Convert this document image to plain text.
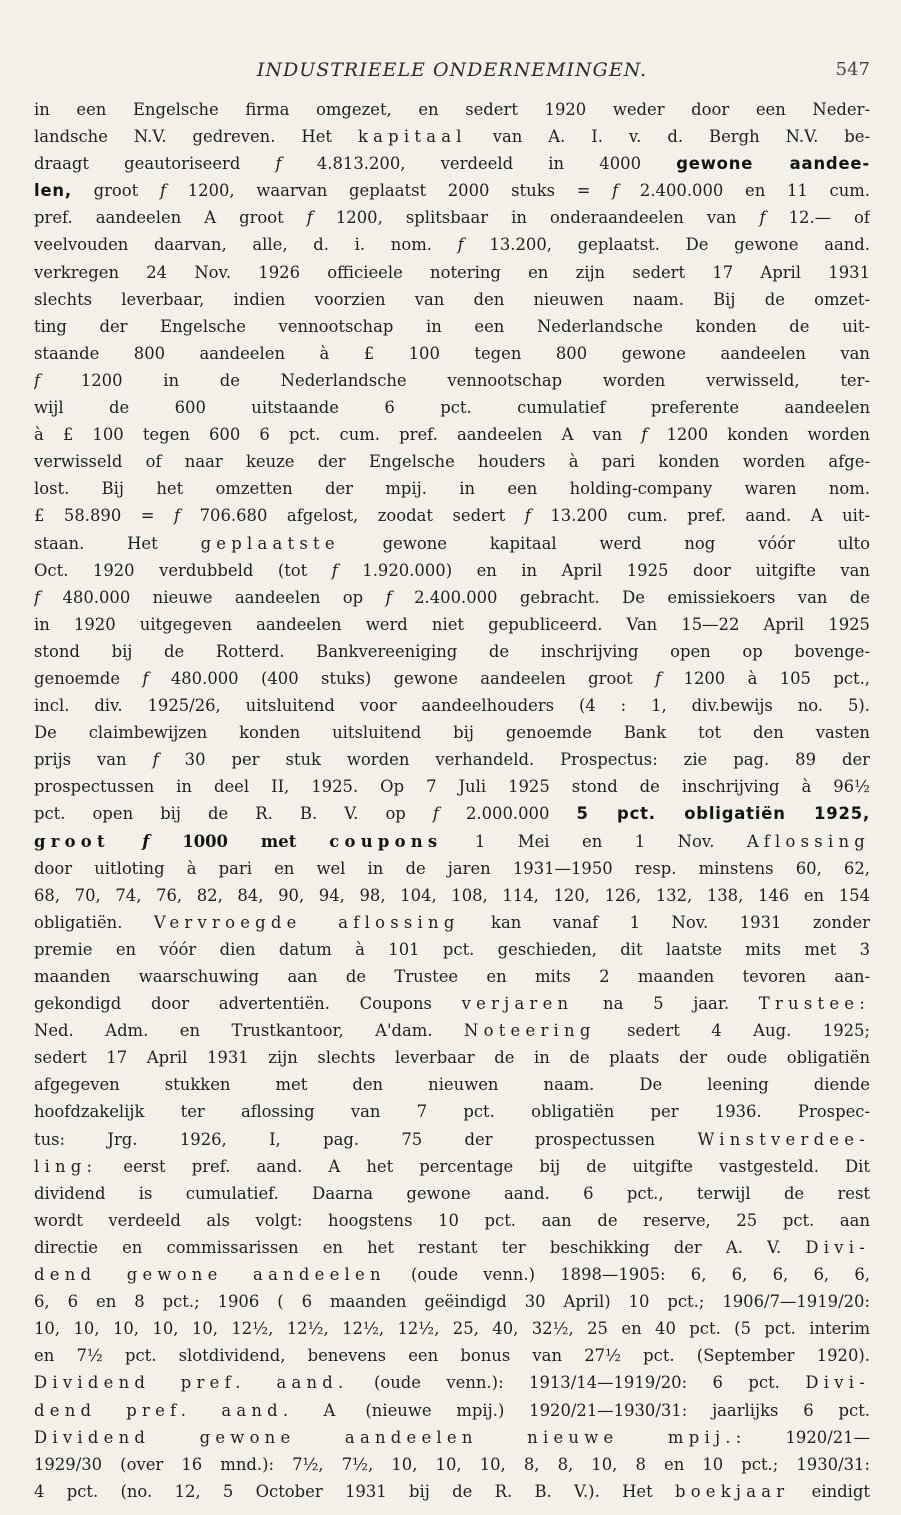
INDUSTRIEELE ONDERNEMINGEN.	547
in een Engelsche firma omgezet, en sedert 1920 weder door een Neder-
landsche N.V. gedreven. Het kapitaal van A. I. v. d. Bergh N.V. be-
draagt geautoriseerd f 4.813.200, verdeeld in 4000 gewone aandee-
len, groot f 1200, waarvan geplaatst 2000 stuks = f 2.400.000 en 11 cum.
pref. aandeelen A groot f 1200, splitsbaar in onderaandeelen van f 12.— of
veelvouden daarvan, alle, d. i. nom. f 13.200, geplaatst. De gewone aand.
verkregen 24 Nov. 1926 officieele notering en zijn sedert 17 April 1931
slechts leverbaar, indien voorzien van den nieuwen naam. Bij de omzet-
ting der Engelsche vennootschap in een Nederlandsche konden de uit-
staande 800 aandeelen à £ 100 tegen 800 gewone aandeelen van
f 1200 in de Nederlandsche vennootschap worden verwisseld, ter-
wijl de 600 uitstaande 6 pct. cumulatief preferente aandeelen
à £ 100 tegen 600 6 pct. cum. pref. aandeelen A van f 1200 konden worden
verwisseld of naar keuze der Engelsche houders à pari konden worden afge-
lost. Bij het omzetten der mpij. in een holding-company waren nom.
£ 58.890 = f 706.680 afgelost, zoodat sedert f 13.200 cum. pref. aand. A uit-
staan. Het geplaatste gewone kapitaal werd nog vóór ulto
Oct. 1920 verdubbeld (tot f 1.920.000) en in April 1925 door uitgifte van
f 480.000 nieuwe aandeelen op f 2.400.000 gebracht. De emissiekoers van de
in 1920 uitgegeven aandeelen werd niet gepubliceerd. Van 15—22 April 1925
stond bij de Rotterd. Bankvereeniging de inschrijving open op bovenge-
genoemde f 480.000 (400 stuks) gewone aandeelen groot f 1200 à 105 pct.,
incl. div. 1925/26, uitsluitend voor aandeelhouders (4 : 1, div.bewijs no. 5).
De claimbewijzen konden uitsluitend bij genoemde Bank tot den vasten
prijs van f 30 per stuk worden verhandeld. Prospectus: zie pag. 89 der
prospectussen in deel II, 1925. Op 7 Juli 1925 stond de inschrijving à 96½
pct. open bij de R. B. V. op f 2.000.000 5 pct. obligatiën 1925,
groot f 1000 met coupons 1 Mei en 1 Nov. Aflossing
door uitloting à pari en wel in de jaren 1931—1950 resp. minstens 60, 62,
68, 70, 74, 76, 82, 84, 90, 94, 98, 104, 108, 114, 120, 126, 132, 138, 146 en 154
obligatiën. Vervroegde aflossing kan vanaf 1 Nov. 1931 zonder
premie en vóór dien datum à 101 pct. geschieden, dit laatste mits met 3
maanden waarschuwing aan de Trustee en mits 2 maanden tevoren aan-
gekondigd door advertentiën. Coupons verjaren na 5 jaar. Trustee:
Ned. Adm. en Trustkantoor, A'dam. Noteering sedert 4 Aug. 1925;
sedert 17 April 1931 zijn slechts leverbaar de in de plaats der oude obligatiën
afgegeven stukken met den nieuwen naam. De leening diende
hoofdzakelijk ter aflossing van 7 pct. obligatiën per 1936. Prospec-
tus: Jrg. 1926, I, pag. 75 der prospectussen Winstverdee-
ling: eerst pref. aand. A het percentage bij de uitgifte vastgesteld. Dit
dividend is cumulatief. Daarna gewone aand. 6 pct., terwijl de rest
wordt verdeeld als volgt: hoogstens 10 pct. aan de reserve, 25 pct. aan
directie en commissarissen en het restant ter beschikking der A. V. Divi-
dend gewone aandeelen (oude venn.) 1898—1905: 6, 6, 6, 6, 6,
6, 6 en 8 pct.; 1906 ( 6 maanden geëindigd 30 April) 10 pct.; 1906/7—1919/20:
10, 10, 10, 10, 10, 12½, 12½, 12½, 12½, 25, 40, 32½, 25 en 40 pct. (5 pct. interim
en 7½ pct. slotdividend, benevens een bonus van 27½ pct. (September 1920).
Dividend pref. aand. (oude venn.): 1913/14—1919/20: 6 pct. Divi-
dend pref. aand. A (nieuwe mpij.) 1920/21—1930/31: jaarlijks 6 pct.
Dividend gewone aandeelen nieuwe mpij.: 1920/21—
1929/30 (over 16 mnd.): 7½, 7½, 10, 10, 10, 8, 8, 10, 8 en 10 pct.; 1930/31:
4 pct. (no. 12, 5 October 1931 bij de R. B. V.). Het boekjaar eindigt
